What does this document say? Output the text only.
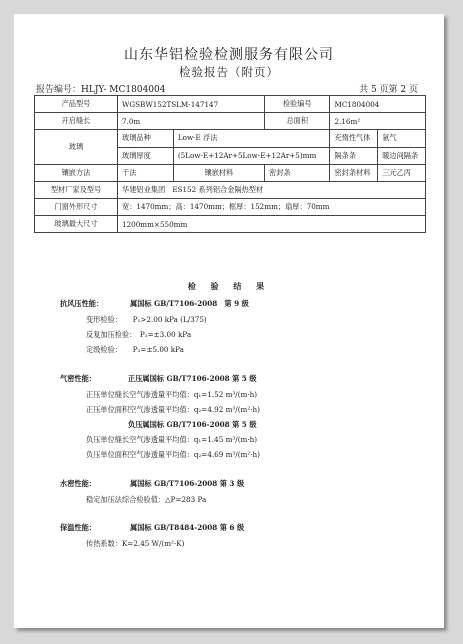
山东华铝检验检测服务有限公司
检验报告（附页）
报告编号：HLJY- MC1804004	共 5 页第 2 页
产品型号	WGSBW152TSLM-147147		检验编号	MC1804004	
开启缝长	7.0m		总面积	2.16m²	
玻璃	玻璃品种	Low-E 浮法		充惰性气体	氩气
	玻璃厚度	(5Low-E+12Ar+5Low-E+12Ar+5)mm		隔条条	暖边间隔条
镶嵌方法	干法	镶嵌材料	密封条	密封条材料	三元乙丙
型材厂家及型号	华建铝业集团　ES152 系列铝合金隔热型材				
门窗外形尺寸	宽：1470mm；高：1470mm；框厚：152mm；扇厚：70mm				
玻璃最大尺寸	1200mm×550mm				
检 验 结 果
抗风压性能：	属国标 GB/T7106-2008　第 9 级
变形检验：　　P₁>2.00 kPa (L/375)
反复加压检验：　P₂=±3.00 kPa
定级检验：　　P₃=±5.00 kPa
气密性能：	正压属国标 GB/T7106-2008 第 5 级
正压单位缝长空气渗透量平均值：q₁=1.52 m³/(m·h)
正压单位面积空气渗透量平均值：q₂=4.92 m³/(m²·h)
负压属国标 GB/T7106-2008 第 5 级
负压单位缝长空气渗透量平均值：q₁=1.45 m³/(m·h)
负压单位面积空气渗透量平均值：q₂=4.69 m³/(m²·h)
水密性能：	属国标 GB/T7106-2008 第 3 级
稳定加压法综合检验值：△P=283 Pa
保温性能：	属国标 GB/T8484-2008 第 6 级
传热系数：K=2.45 W/(m²·K)
